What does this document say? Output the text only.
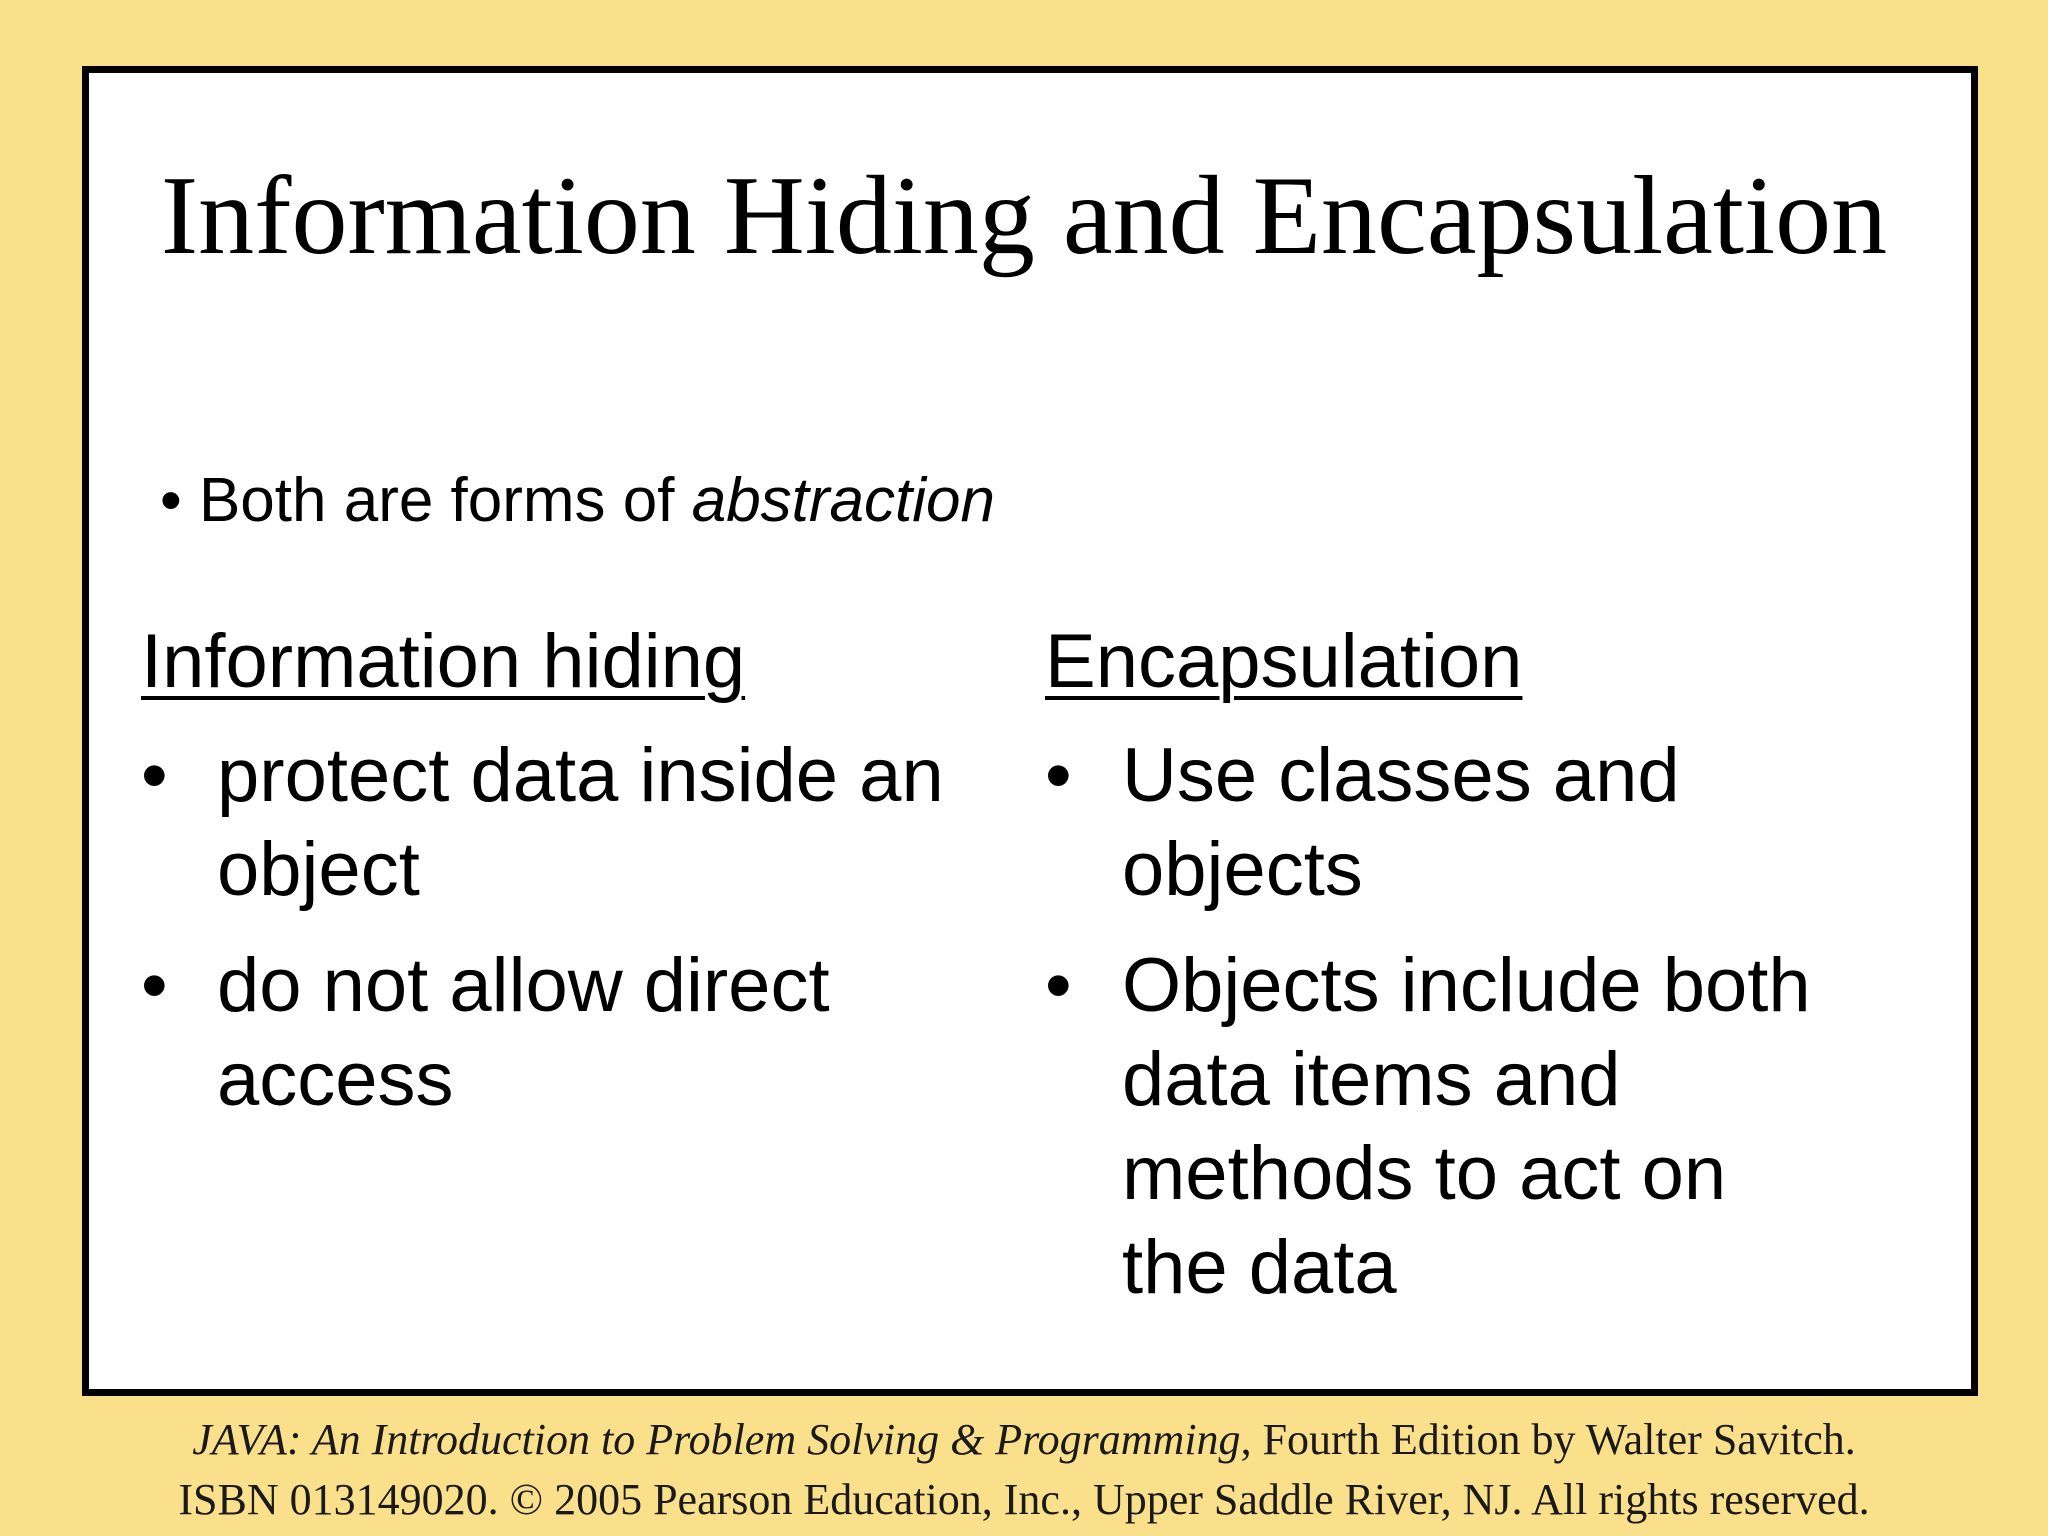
Information Hiding and Encapsulation
• Both are forms of abstraction
Information hiding
• protect data inside an
object
• do not allow direct
access
Encapsulation
• Use classes and
objects
• Objects include both
data items and
methods to act on
the data
JAVA: An Introduction to Problem Solving & Programming, Fourth Edition by Walter Savitch.
ISBN 013149020. © 2005 Pearson Education, Inc., Upper Saddle River, NJ. All rights reserved.
